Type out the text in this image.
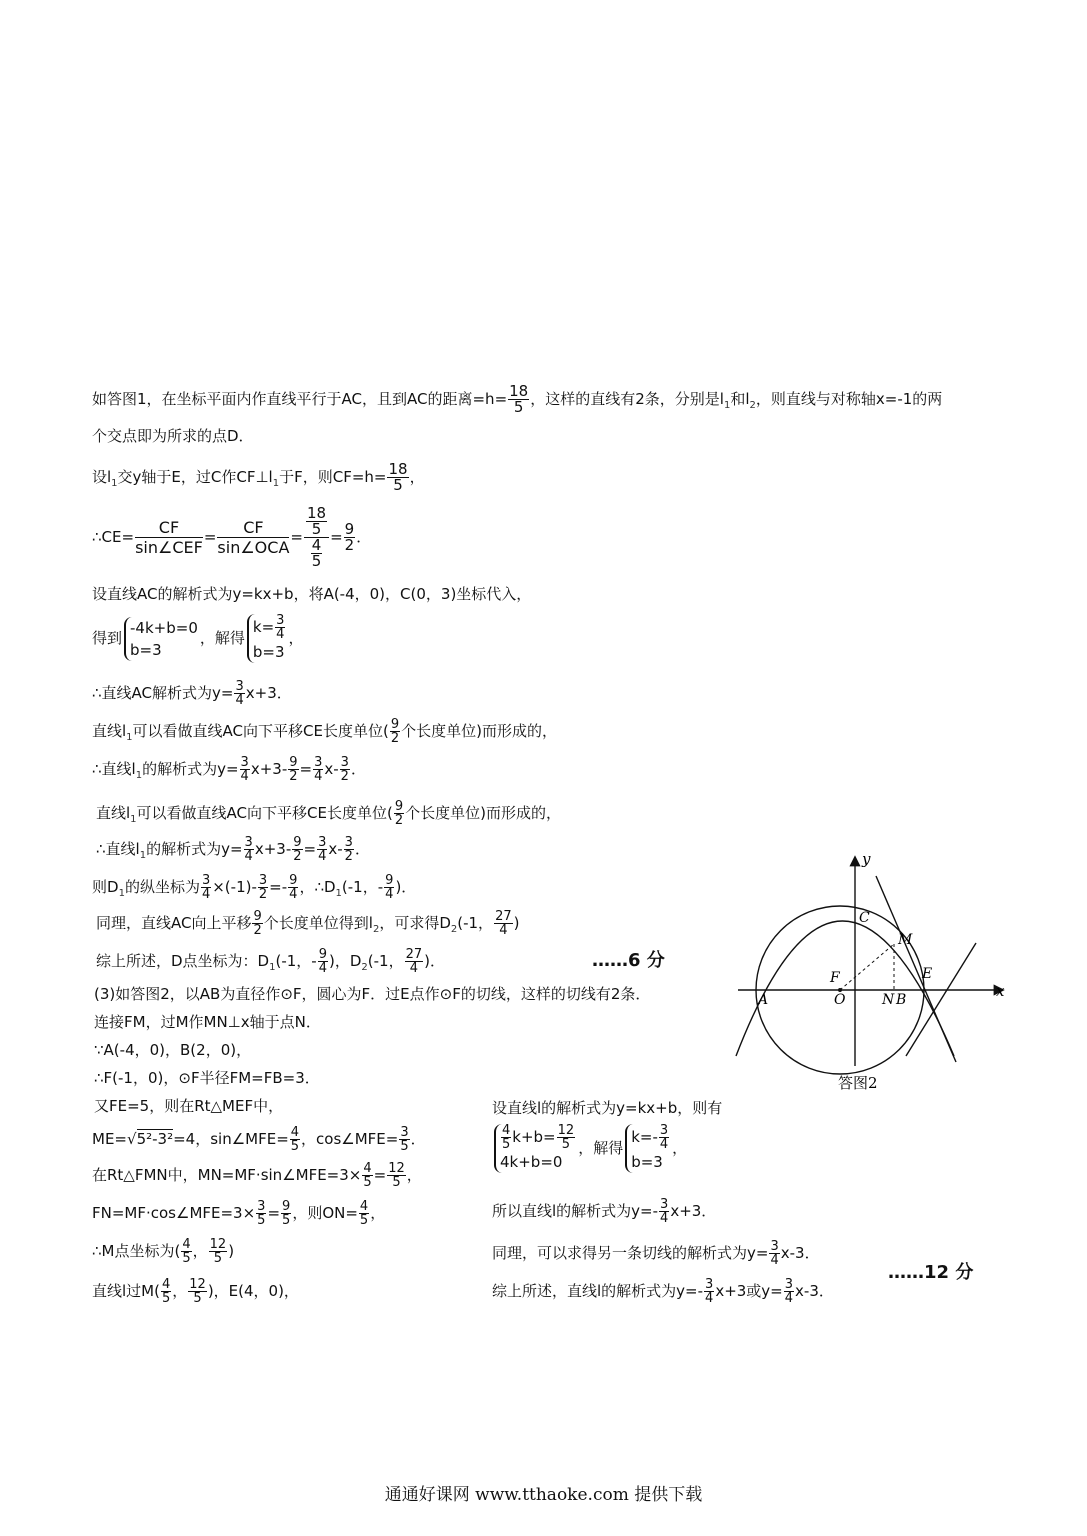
如答图1，在坐标平面内作直线平行于AC，且到AC的距离$=h= \frac{18}{5}$ ，这样的直线有2条，分别是$l_1$和$l_2$，则直线与对称轴x=-1的两
个交点即为所求的点D．
设$l_1$交y轴于E，过C作$CF\perp l_1$于F，则$CF=h= \frac{18}{5}$ ，
∴CE= $\frac{CF}{\text{sin∠CEF}} = \frac{CF}{\text{sin∠OCA}} = \frac{\frac{18}{5}}{\frac{4}{5}} = \frac{9}{2}$ ．
设直线AC的解析式为y=kx+b，将A(-4，0)，C(0，3)坐标代入，
得到
-4k+b=0
b=3
，解得
$k= \frac{3}{4}$
b=3
，
∴直线AC解析式为$y= \frac{3}{4} x+3$．
直线$l_1$可以看做直线AC向下平移CE长度单位( $\frac{9}{2}$ 个长度单位)而形成的，
∴直线$l_1$的解析式为$y= \frac{3}{4} x+3- \frac{9}{2} = \frac{3}{4} x- \frac{3}{2}$ ．
直线$l_1$可以看做直线AC向下平移CE长度单位( $\frac{9}{2}$ 个长度单位)而形成的，
∴直线$l_1$的解析式为$y= \frac{3}{4} x+3- \frac{9}{2} = \frac{3}{4} x- \frac{3}{2}$ ．
则$D_1$的纵坐标为 $\frac{3}{4} \times(-1)- \frac{3}{2} =- \frac{9}{4}$ ，$\therefore D_1(-1$，- $\frac{9}{4}$ )．
同理，直线AC向上平移 $\frac{9}{2}$ 个长度单位得到$l_2$，可求得$D_2(-1$， $\frac{27}{4}$ )
综上所述，D点坐标为：$D_1(-1$，- $\frac{9}{4}$ )，$D_2(-1$， $\frac{27}{4}$ )．	……6 分
(3)如答图2，以AB为直径作⊙F，圆心为F．过E点作⊙F的切线，这样的切线有2条．
连接FM，过M作MN⊥x轴于点N．
∵A(-4，0)，B(2，0)，
∴F(-1，0)，⊙F半径FM=FB=3．
又FE=5，则在Rt△MEF中，
ME=√5²-3²=4，sin∠MFE= $\frac{4}{5}$ ，cos∠MFE= $\frac{3}{5}$ ．
在Rt△FMN中，MN=MF·sin∠MFE=3× $\frac{4}{5} = \frac{12}{5}$ ，
FN=MF·cos∠MFE=3× $\frac{3}{5} = \frac{9}{5}$ ，则$ON= \frac{4}{5}$ ，
∴M点坐标为( $\frac{4}{5}$ ， $\frac{12}{5}$ )
直线l过$M( \frac{4}{5}$ ， $\frac{12}{5}$ )，E(4，0)，
设直线l的解析式为y=kx+b，则有
$\frac{4}{5} k+b= \frac{12}{5}$
4k+b=0
，解得
$k=- \frac{3}{4}$
b=3
，
所以直线l的解析式为$y=- \frac{3}{4} x+3$．
同理，可以求得另一条切线的解析式为$y= \frac{3}{4} x-3$．
……12 分
综上所述，直线l的解析式为$y=- \frac{3}{4} x+3$或$y= \frac{3}{4} x-3$．
y
x
A	O
F
C
M
E
N B
答图2
通通好课网 www.tthaoke.com 提供下载
